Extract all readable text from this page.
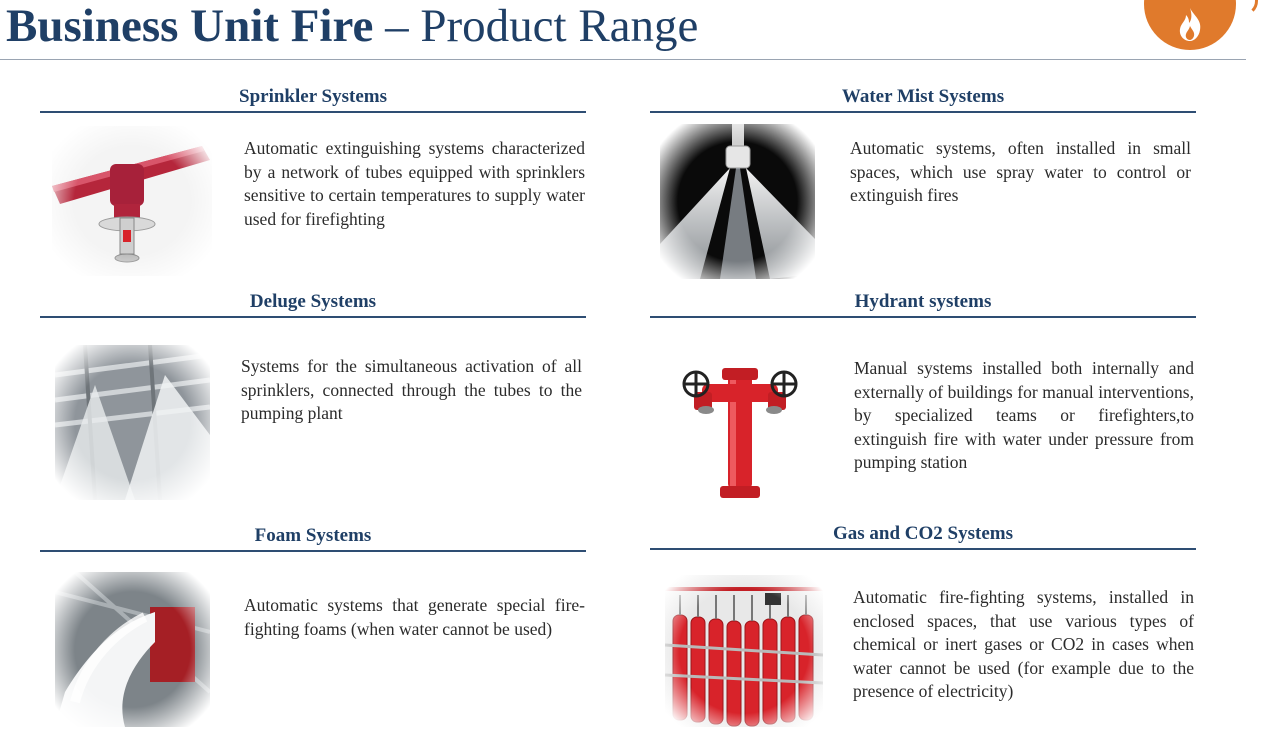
Business Unit Fire – Product Range
Sprinkler Systems
Automatic extinguishing systems characterized by a network of tubes equipped with sprinklers sensitive to certain temperatures to supply water used for firefighting
Water Mist Systems
Automatic systems, often installed in small spaces, which use spray water to control or extinguish fires
Deluge Systems
Systems for the simultaneous activation of all sprinklers, connected through the tubes to the pumping plant
Hydrant systems
Manual systems installed both internally and externally of buildings for manual interventions, by specialized teams or firefighters,to extinguish fire with water under pressure from pumping station
Foam Systems
Automatic systems that generate special fire-fighting foams (when water cannot be used)
Gas and CO2 Systems
Automatic fire-fighting systems, installed in enclosed spaces, that use various types of chemical or inert gases or CO2 in cases when water cannot be used (for example due to the presence of electricity)
